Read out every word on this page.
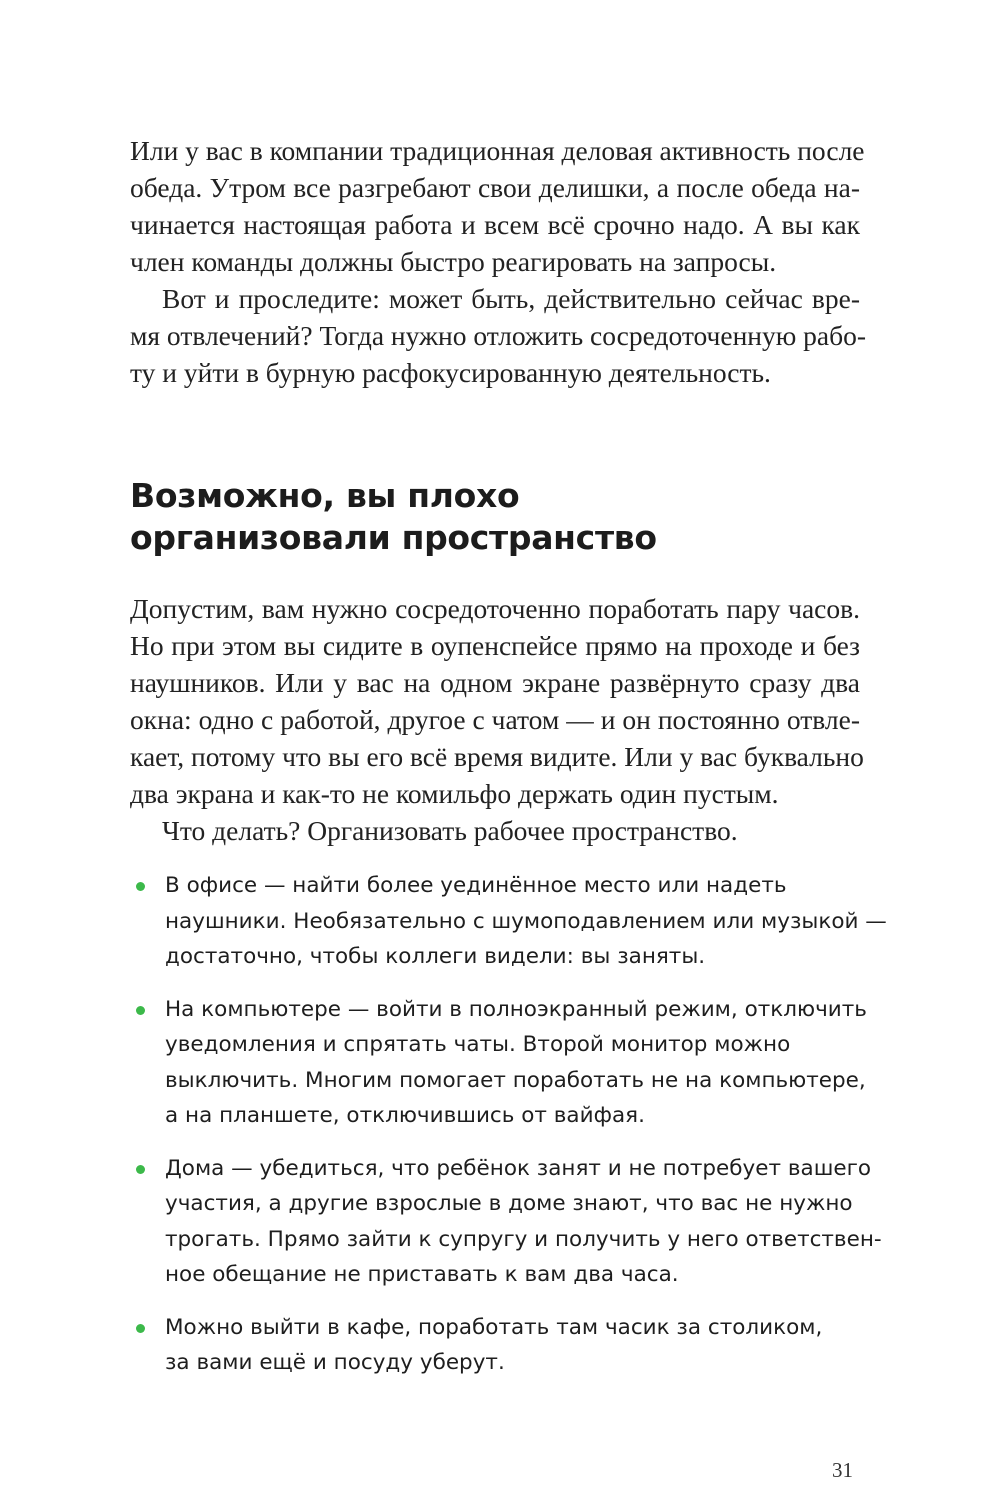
Или у вас в компании традиционная деловая активность после
обеда. Утром все разгребают свои делишки, а после обеда на-
чинается настоящая работа и всем всё срочно надо. А вы как
член команды должны быстро реагировать на запросы.

Вот и проследите: может быть, действительно сейчас вре-
мя отвлечений? Тогда нужно отложить сосредоточенную рабо-
ту и уйти в бурную расфокусированную деятельность.

Возможно, вы плохо
организовали пространство

Допустим, вам нужно сосредоточенно поработать пару часов.
Но при этом вы сидите в оупенспейсе прямо на проходе и без
наушников. Или у вас на одном экране развёрнуто сразу два
окна: одно с работой, другое с чатом — и он постоянно отвле-
кает, потому что вы его всё время видите. Или у вас буквально
два экрана и как-то не комильфо держать один пустым.

Что делать? Организовать рабочее пространство.

В офисе — найти более уединённое место или надеть
наушники. Необязательно с шумоподавлением или музыкой —
достаточно, чтобы коллеги видели: вы заняты.
На компьютере — войти в полноэкранный режим, отключить
уведомления и спрятать чаты. Второй монитор можно
выключить. Многим помогает поработать не на компьютере,
а на планшете, отключившись от вайфая.
Дома — убедиться, что ребёнок занят и не потребует вашего
участия, а другие взрослые в доме знают, что вас не нужно
трогать. Прямо зайти к супругу и получить у него ответствен-
ное обещание не приставать к вам два часа.
Можно выйти в кафе, поработать там часик за столиком,
за вами ещё и посуду уберут.
31
